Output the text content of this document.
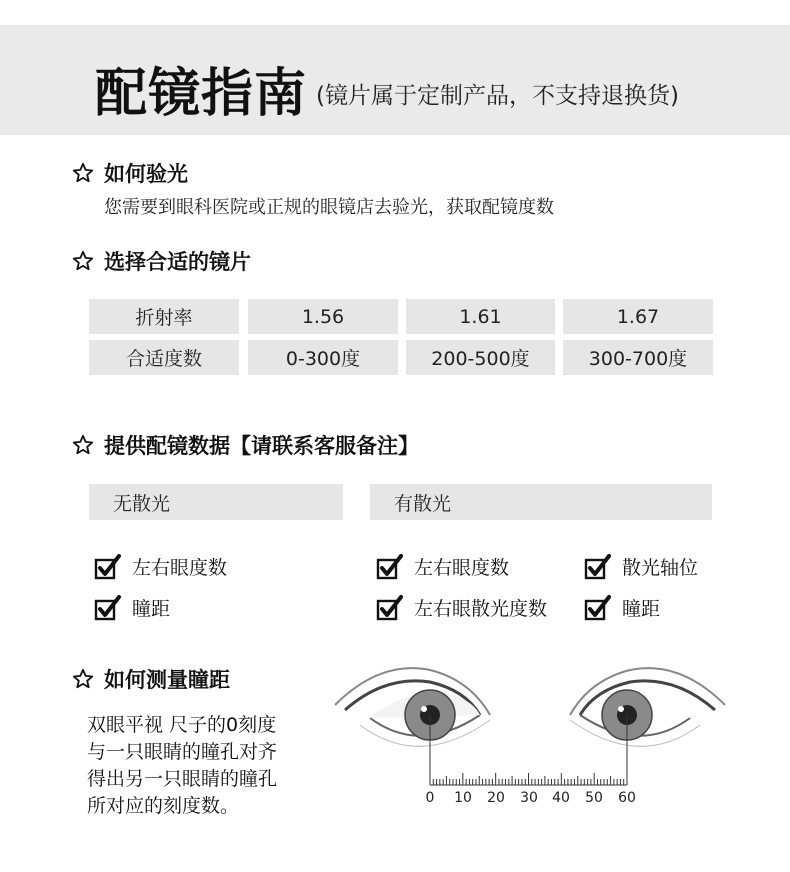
配镜指南 (镜片属于定制产品，不支持退换货)
如何验光
您需要到眼科医院或正规的眼镜店去验光，获取配镜度数
选择合适的镜片
折射率	1.56	1.61	1.67
合适度数	0-300度	200-500度	300-700度
提供配镜数据【请联系客服备注】
无散光	有散光
左右眼度数
瞳距
左右眼度数	散光轴位
左右眼散光度数	瞳距
如何测量瞳距
双眼平视 尺子的0刻度
与一只眼睛的瞳孔对齐
得出另一只眼睛的瞳孔
所对应的刻度数。	0 10 20 30 40 50 60
